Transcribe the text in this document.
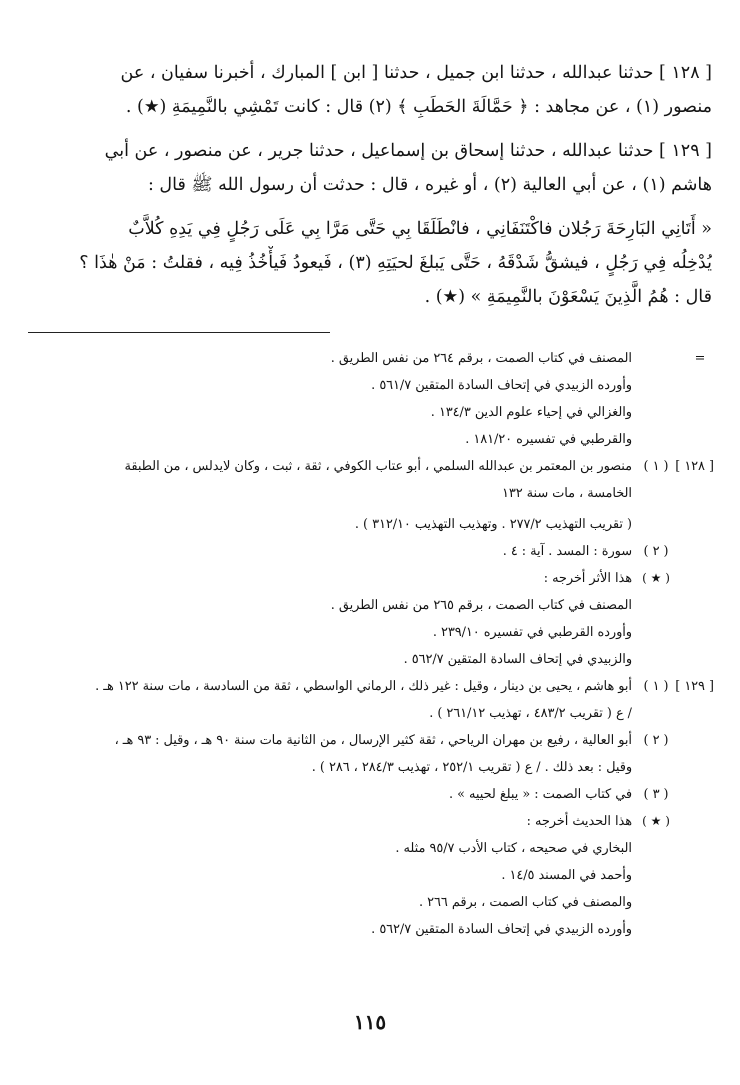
[ ١٢٨ ] حدثنا عبدالله ، حدثنا ابن جميل ، حدثنا [ ابن ] المبارك ، أخبرنا سفيان ، عن
منصور (١) ، عن مجاهد : ﴿ حَمَّالَةَ الحَطَبِ ﴾ (٢) قال : كانت تَمْشِي بالنَّمِيمَةِ (★) .
[ ١٢٩ ] حدثنا عبدالله ، حدثنا إسحاق بن إسماعيل ، حدثنا جرير ، عن منصور ، عن أبي
هاشم (١) ، عن أبي العالية (٢) ، أو غيره ، قال : حدثت أن رسول الله ﷺ قال :
« أَتَانِي البَارِحَةَ رَجُلان فاكْتَنَفَانِي ، فانْطَلَقَا بِي حَتَّى مَرَّا بِي عَلَى رَجُلٍ فِي يَدِهِ كُلاَّبٌ
يُدْخِلُه فِي رَجُلٍ ، فيشقُّ شَدْقَهُ ، حَتَّى يَبلغَ لحيَتِهِ (٣) ، فَيعودُ فَيأْخُذُ فِيه ، فقلتُ : مَنْ هٰذَا ؟
قال : هُمُ الَّذِينَ يَسْعَوْنَ بالنَّمِيمَةِ » (★) .
=
المصنف في كتاب الصمت ، برقم ٢٦٤ من نفس الطريق .
وأورده الزبيدي في إتحاف السادة المتقين ٥٦١/٧ .
والغزالي في إحياء علوم الدين ١٣٤/٣ .
والقرطبي في تفسيره ١٨١/٢٠ .
[ ١٢٨ ]
( ١ )
منصور بن المعتمر بن عبدالله السلمي ، أبو عتاب الكوفي ، ثقة ، ثبت ، وكان لايدلس ، من الطبقة
الخامسة ، مات سنة ١٣٢
( تقريب التهذيب ٢٧٧/٢ . وتهذيب التهذيب ٣١٢/١٠ ) .
( ٢ )
سورة : المسد . آية : ٤ .
( ★ )
هذا الأثر أخرجه :
المصنف في كتاب الصمت ، برقم ٢٦٥ من نفس الطريق .
وأورده القرطبي في تفسيره ٢٣٩/١٠ .
والزبيدي في إتحاف السادة المتقين ٥٦٢/٧ .
[ ١٢٩ ]
( ١ )
أبو هاشم ، يحيى بن دينار ، وقيل : غير ذلك ، الرماني الواسطي ، ثقة من السادسة ، مات سنة ١٢٢ هـ .
/ ع ( تقريب ٤٨٣/٢ ، تهذيب ٢٦١/١٢ ) .
( ٢ )
أبو العالية ، رفيع بن مهران الرياحي ، ثقة كثير الإرسال ، من الثانية مات سنة ٩٠ هـ ، وقيل : ٩٣ هـ ،
وقيل : بعد ذلك . / ع ( تقريب ٢٥٢/١ ، تهذيب ٢٨٤/٣ ، ٢٨٦ ) .
( ٣ )
في كتاب الصمت : « يبلغ لحييه » .
( ★ )
هذا الحديث أخرجه :
البخاري في صحيحه ، كتاب الأدب ٩٥/٧ مثله .
وأحمد في المسند ١٤/٥ .
والمصنف في كتاب الصمت ، برقم ٢٦٦ .
وأورده الزبيدي في إتحاف السادة المتقين ٥٦٢/٧ .
١١٥
